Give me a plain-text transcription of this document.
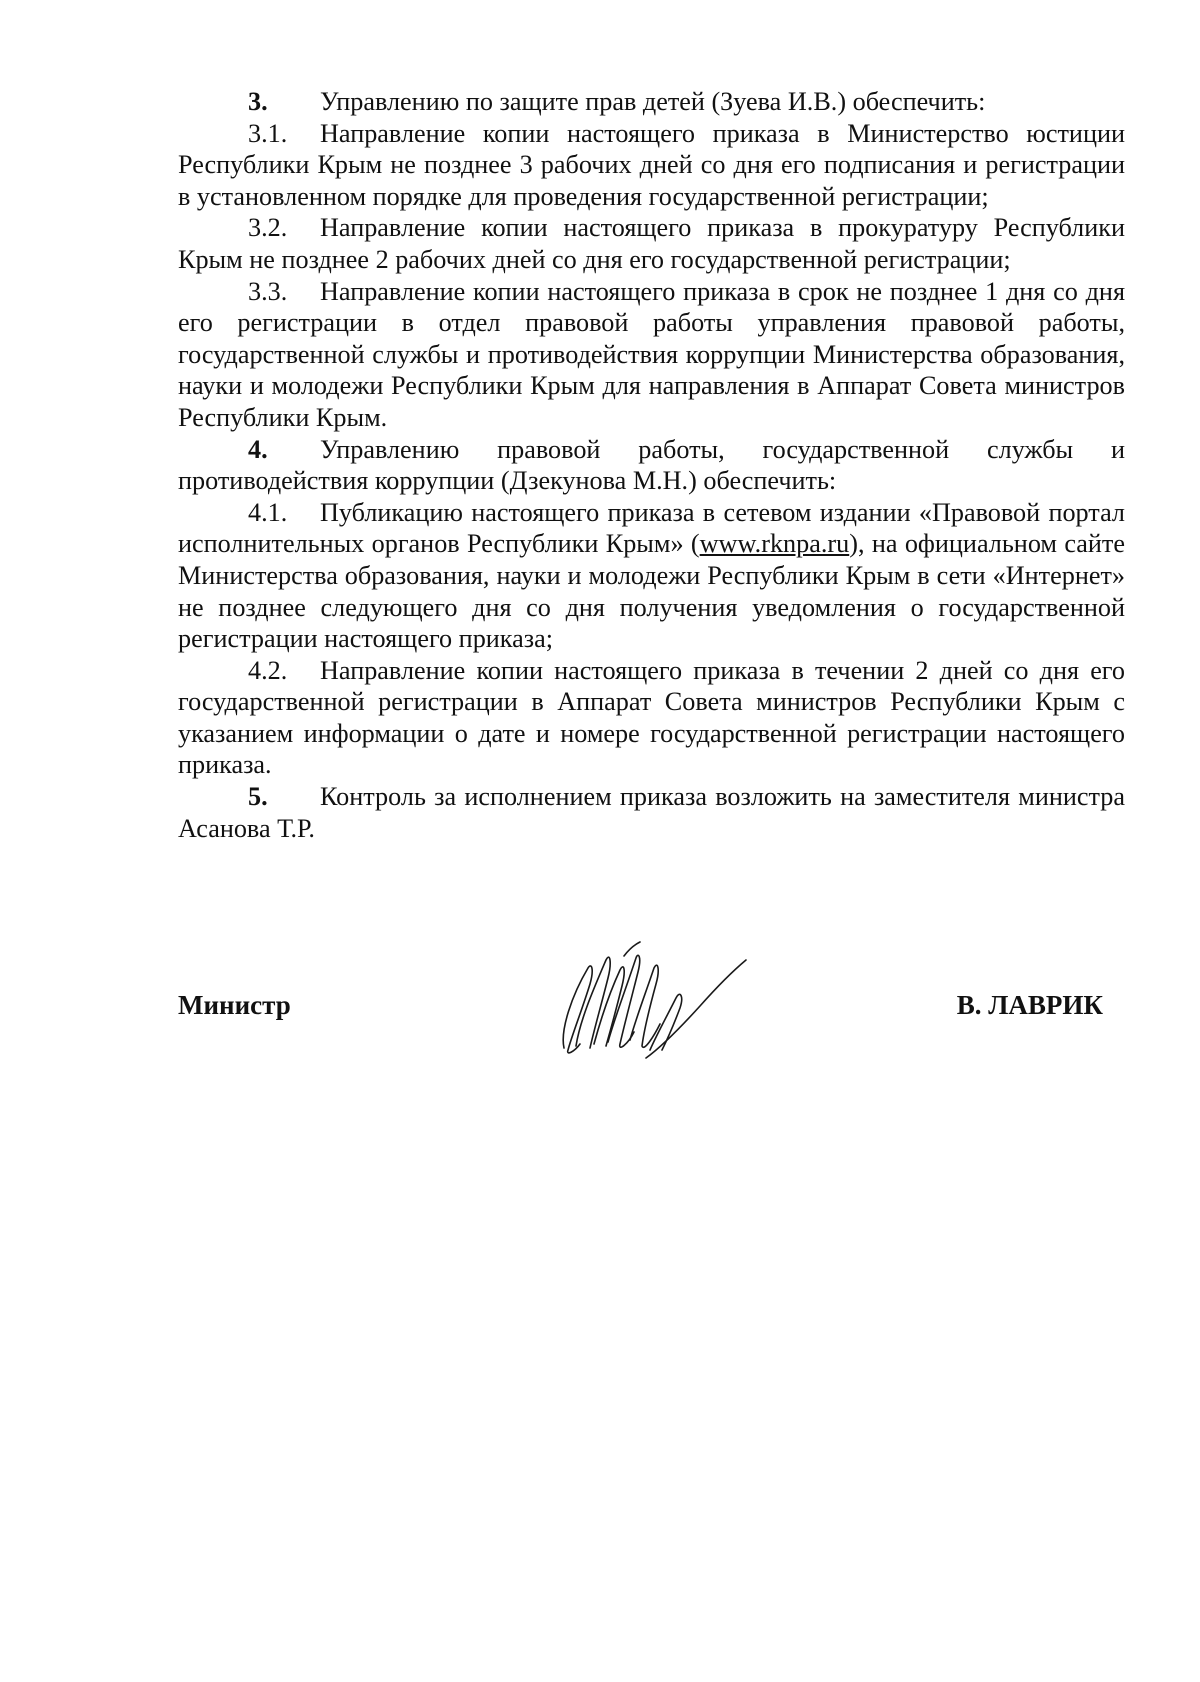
3. Управлению по защите прав детей (Зуева И.В.) обеспечить:

3.1. Направление копии настоящего приказа в Министерство юстиции Республики Крым не позднее 3 рабочих дней со дня его подписания и регистрации в установленном порядке для проведения государственной регистрации;

3.2. Направление копии настоящего приказа в прокуратуру Республики Крым не позднее 2 рабочих дней со дня его государственной регистрации;

3.3. Направление копии настоящего приказа в срок не позднее 1 дня со дня его регистрации в отдел правовой работы управления правовой работы, государственной службы и противодействия коррупции Министерства образования, науки и молодежи Республики Крым для направления в Аппарат Совета министров Республики Крым.

4. Управлению правовой работы, государственной службы и противодействия коррупции (Дзекунова М.Н.) обеспечить:

4.1. Публикацию настоящего приказа в сетевом издании «Правовой портал исполнительных органов Республики Крым» (www.rknpa.ru), на официальном сайте Министерства образования, науки и молодежи Республики Крым в сети «Интернет» не позднее следующего дня со дня получения уведомления о государственной регистрации настоящего приказа;

4.2. Направление копии настоящего приказа в течении 2 дней со дня его государственной регистрации в Аппарат Совета министров Республики Крым с указанием информации о дате и номере государственной регистрации настоящего приказа.

5. Контроль за исполнением приказа возложить на заместителя министра Асанова Т.Р.

Министр	В. ЛАВРИК
